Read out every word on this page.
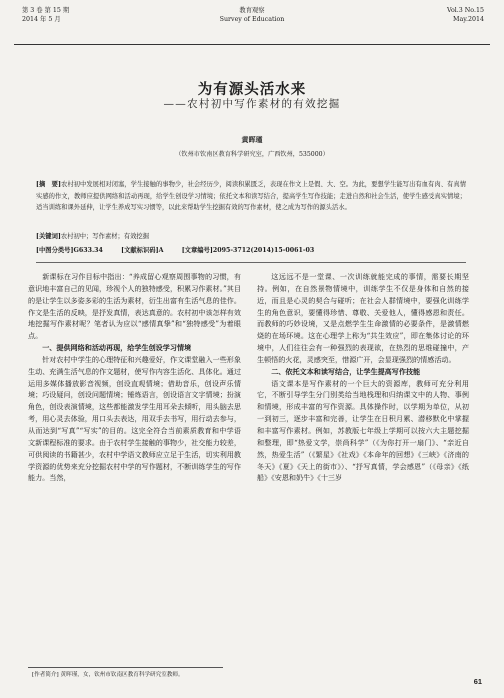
第 3 卷 第 15 期
2014 年 5 月
教育观察
Survey of Education
Vol.3 No.15
May.2014
为有源头活水来
——农村初中写作素材的有效挖掘
黄晖瑾
（钦州市钦南区教育科学研究室，广西钦州，535000）
[摘　要]农村初中发展相对闭塞，学生接触的事物少，社会经历少，阅读积累匮乏，表现在作文上是假、大、空。为此，要想学生能写出有血有肉、有真情实感的作文，教师应提供网络和活动再现，给学生创设学习情境；依托文本和读写结合，提高学生写作技能；走进自然和社会生活，使学生感受真实情境；适当训练和课外延伸，让学生养成写实习惯等，以此来帮助学生挖掘有效的写作素材，使之成为写作的源头活水。
[关键词]农村初中；写作素材；有效挖掘
[中图分类号]G633.34	[文献标识码]A	[文章编号]2095-3712(2014)15-0061-03

新课标在习作目标中指出：“养成留心观察周围事物的习惯，有意识地丰富自己的见闻，珍视个人的独特感受，积累习作素材。”其目的是让学生以多姿多彩的生活为素材，衍生出富有生活气息的佳作。作文是生活的反映，是抒发真情，表达真意的。农村初中该怎样有效地挖掘写作素材呢？笔者认为应以“感情真挚”和“独特感受”为着眼点。

一、提供网络和活动再现，给学生创设学习情境

针对农村中学生的心理特征和兴趣爱好，作文课堂融入一些形象生动、充满生活气息的作文题材，使写作内容生活化、具体化。通过运用多媒体播放影音视频，创设直观情境；借助音乐，创设声乐情境；巧设疑问，创设问题情境；锤炼语言，创设语言文字情境；扮演角色，创设表演情境，这些都能激发学生用耳朵去倾听，用头脑去思考，用心灵去体验，用口头去表达，用双手去书写，用行动去参与，从而达到“写真”“写实”的目的。这完全符合当前素质教育和中学语文新课程标准的要求。由于农村学生接触的事物少，社交能力较差，可供阅读的书籍甚少，农村中学语文教师应立足于生活，切实利用教学资源的优势来充分挖掘农村中学的写作题材，不断训练学生的写作能力。当然，

这远远不是一堂课、一次训练就能完成的事情，需要长期坚持。例如，在自然景物情境中，训练学生不仅是身体和自然的接近，而且是心灵的契合与碰听；在社会人群情境中，要强化训练学生的角色意识，要懂得珍惜、尊敬、关爱他人，懂得感恩和责任。而教师的巧妙设境，又是点燃学生生命激情的必要条件，是激情燃烧的在场环境。这在心理学上称为“共生效应”，即在集体讨论的环境中，人们往往会有一种强烈的表现欲，在热烈的思维碰撞中，产生顿悟的火花，灵感突至，惜源广开，会显现强烈的情感活动。

二、依托文本和读写结合，让学生提高写作技能

语文课本是写作素材的一个巨大的资源库，教师可充分利用它，不断引导学生分门别类给当地栈理和归纳课文中的人物、事例和情境，形成丰富的写作资源。具体操作时，以学期为单位，从初一到初三，逐步丰富和完善，让学生在日积月累、潜移默化中掌握和丰富写作素材。例如，苏教版七年级上学期可以按六大主题挖掘和整理，即“热爱文学，崇尚科学”（《为你打开一扇门》、“亲近自然，热爱生活”（《繁星》《社戏》《本命年的回想》《三峡》《济南的冬天》《夏》《天上的街市》）、“抒写真情，学会感恩”（《母亲》《纸船》《安恩和奶牛》《十三岁

[作者简介] 黄晖瑾，女，钦州市钦南区教育科学研究室教师。
61
